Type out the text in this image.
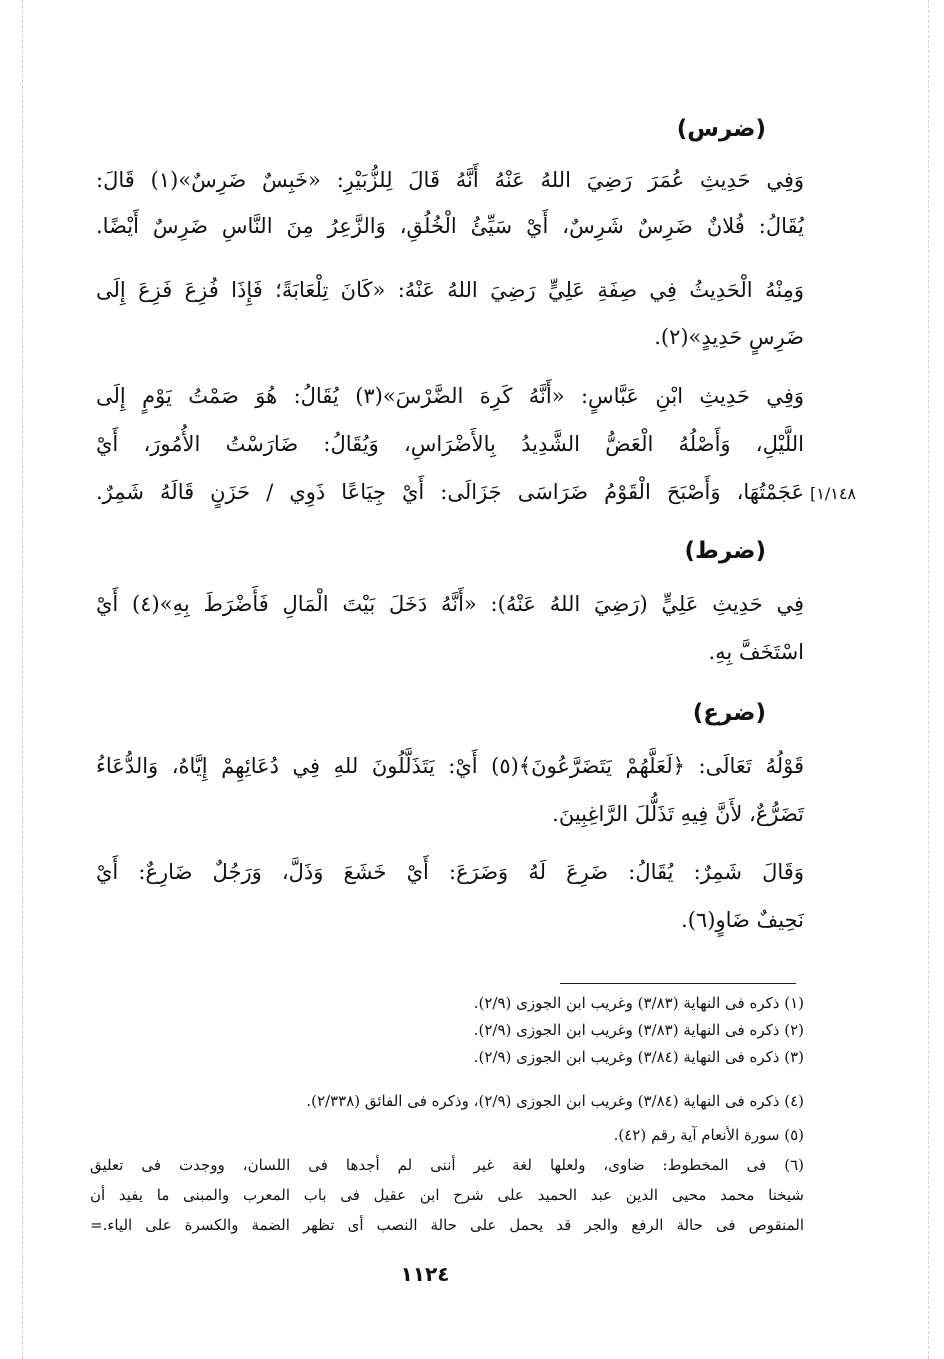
(ضرس)
وَفِي حَدِيثِ عُمَرَ رَضِيَ اللهُ عَنْهُ أَنَّهُ قَالَ لِلزُّبَيْرِ: «خَبِسٌ ضَرِسٌ»(١) قَالَ:
يُقَالُ: فُلانٌ ضَرِسٌ شَرِسٌ، أَيْ سَيِّئُ الْخُلُقِ، وَالزَّعِرُ مِنَ النَّاسِ ضَرِسٌ أَيْضًا.
وَمِنْهُ الْحَدِيثُ فِي صِفَةِ عَلِيٍّ رَضِيَ اللهُ عَنْهُ: «كَانَ تِلْعَابَةً؛ فَإِذَا فُزِعَ فَزِعَ إِلَى
ضَرِسٍ حَدِيدٍ»(٢).
وَفِي حَدِيثِ ابْنِ عَبَّاسٍ: «أَنَّهُ كَرِهَ الضَّرْسَ»(٣) يُقَالُ: هُوَ صَمْتُ يَوْمٍ إِلَى
اللَّيْلِ، وَأَصْلُهُ الْعَضُّ الشَّدِيدُ بِالأَضْرَاسِ، وَيُقَالُ: ضَارَسْتُ الأُمُورَ، أَيْ
عَجَمْتُهَا، وَأَصْبَحَ الْقَوْمُ ضَرَاسَى جَزَالَى: أَيْ جِيَاعًا ذَوِي / حَزَنٍ قَالَهُ شَمِرٌ. [١/١٤٨
(ضرط)
فِي حَدِيثِ عَلِيٍّ (رَضِيَ اللهُ عَنْهُ): «أَنَّهُ دَخَلَ بَيْتَ الْمَالِ فَأَضْرَطَ بِهِ»(٤) أَيْ
اسْتَخَفَّ بِهِ.
(ضرع)
قَوْلُهُ تَعَالَى: ﴿لَعَلَّهُمْ يَتَضَرَّعُونَ﴾(٥) أَيْ: يَتَذَلَّلُونَ للهِ فِي دُعَائِهِمْ إِيَّاهُ، وَالدُّعَاءُ
تَضَرُّعٌ، لأَنَّ فِيهِ تَذَلُّلَ الرَّاغِبِينَ.
وَقَالَ شَمِرٌ: يُقَالُ: ضَرِعَ لَهُ وَضَرَعَ: أَيْ خَشَعَ وَذَلَّ، وَرَجُلٌ ضَارِعٌ: أَيْ
نَحِيفٌ ضَاوٍ(٦).
(١) ذكره فى النهاية (٣/٨٣) وغريب ابن الجوزى (٢/٩).
(٢) ذكره فى النهاية (٣/٨٣) وغريب ابن الجوزى (٢/٩).
(٣) ذكره فى النهاية (٣/٨٤) وغريب ابن الجوزى (٢/٩).
(٤) ذكره فى النهاية (٣/٨٤) وغريب ابن الجوزى (٢/٩)، وذكره فى الفائق (٢/٣٣٨).
(٥) سورة الأنعام آية رقم (٤٢).
(٦) فى المخطوط: ضاوى، ولعلها لغة غير أننى لم أجدها فى اللسان، ووجدت فى تعليق
شيخنا محمد محيى الدين عبد الحميد على شرح ابن عقيل فى باب المعرب والمبنى ما يفيد أن
المنقوص فى حالة الرفع والجر قد يحمل على حالة النصب أى تظهر الضمة والكسرة على الياء.=
١١٢٤
